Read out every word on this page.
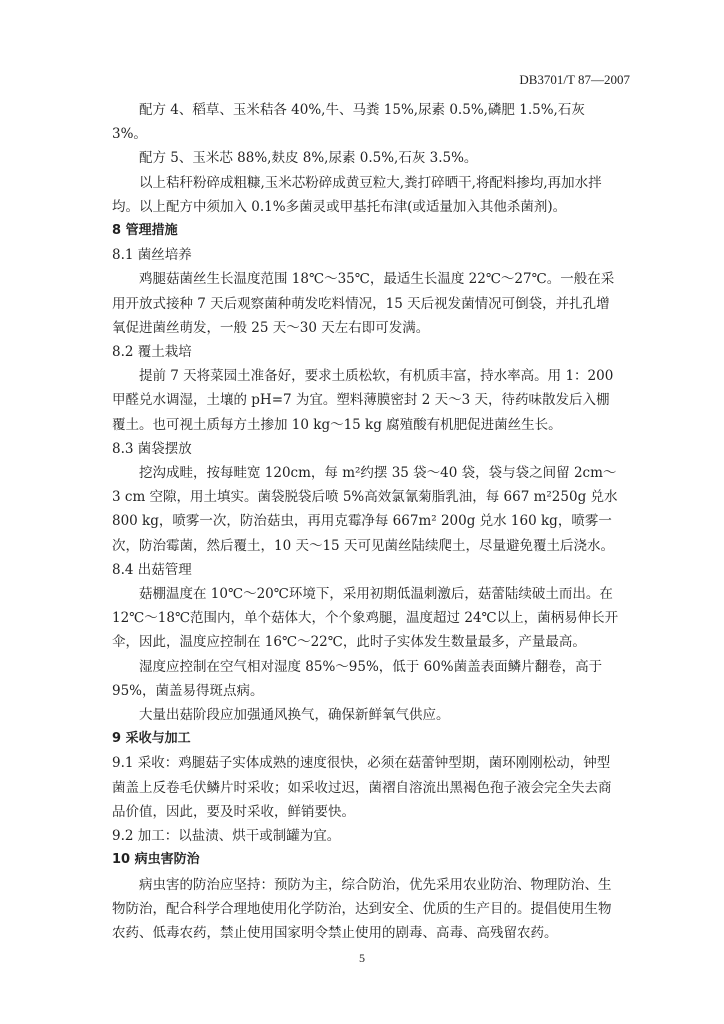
DB3701/T 87—2007

配方 4、稻草、玉米秸各 40%,牛、马粪 15%,尿素 0.5%,磷肥 1.5%,石灰 3%。

配方 5、玉米芯 88%,麸皮 8%,尿素 0.5%,石灰 3.5%。

以上秸秆粉碎成粗糠,玉米芯粉碎成黄豆粒大,粪打碎晒干,将配料掺均,再加水拌均。以上配方中须加入 0.1%多菌灵或甲基托布津(或适量加入其他杀菌剂)。

8 管理措施

8.1 菌丝培养

鸡腿菇菌丝生长温度范围 18℃～35℃，最适生长温度 22℃～27℃。一般在采用开放式接种 7 天后观察菌种萌发吃料情况，15 天后视发菌情况可倒袋，并扎孔增氧促进菌丝萌发，一般 25 天～30 天左右即可发满。

8.2 覆土栽培

提前 7 天将菜园土准备好，要求土质松软，有机质丰富，持水率高。用 1：200 甲醛兑水调湿，土壤的 pH=7 为宜。塑料薄膜密封 2 天～3 天，待药味散发后入棚覆土。也可视土质每方土掺加 10 kg～15 kg 腐殖酸有机肥促进菌丝生长。

8.3 菌袋摆放

挖沟成畦，按每畦宽 120cm，每 m²约摆 35 袋～40 袋，袋与袋之间留 2cm～3 cm 空隙，用土填实。菌袋脱袋后喷 5%高效氯氰菊脂乳油，每 667 m²250g 兑水 800 kg，喷雾一次，防治菇虫，再用克霉净每 667m² 200g 兑水 160 kg，喷雾一次，防治霉菌，然后覆土，10 天～15 天可见菌丝陆续爬土，尽量避免覆土后浇水。

8.4 出菇管理

菇棚温度在 10℃～20℃环境下，采用初期低温刺激后，菇蕾陆续破土而出。在 12℃～18℃范围内，单个菇体大，个个象鸡腿，温度超过 24℃以上，菌柄易伸长开伞，因此，温度应控制在 16℃～22℃，此时子实体发生数量最多，产量最高。

湿度应控制在空气相对湿度 85%～95%，低于 60%菌盖表面鳞片翻卷，高于 95%，菌盖易得斑点病。

大量出菇阶段应加强通风换气，确保新鲜氧气供应。

9 采收与加工

9.1 采收：鸡腿菇子实体成熟的速度很快，必须在菇蕾钟型期，菌环刚刚松动，钟型菌盖上反卷毛伏鳞片时采收；如采收过迟，菌褶自溶流出黑褐色孢子液会完全失去商品价值，因此，要及时采收，鲜销要快。

9.2 加工：以盐渍、烘干或制罐为宜。

10 病虫害防治

病虫害的防治应坚持：预防为主，综合防治，优先采用农业防治、物理防治、生物防治，配合科学合理地使用化学防治，达到安全、优质的生产目的。提倡使用生物农药、低毒农药，禁止使用国家明令禁止使用的剧毒、高毒、高残留农药。

5
